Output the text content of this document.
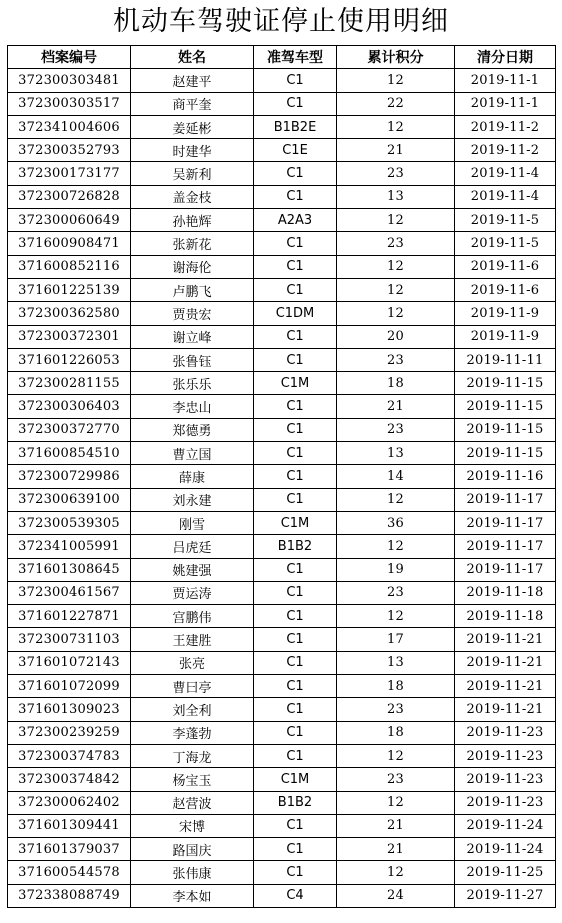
机动车驾驶证停止使用明细
档案编号	姓名	准驾车型	累计积分	清分日期
372300303481	赵建平	C1	12	2019-11-1
372300303517	商平奎	C1	22	2019-11-1
372341004606	姜延彬	B1B2E	12	2019-11-2
372300352793	时建华	C1E	21	2019-11-2
372300173177	吴新利	C1	23	2019-11-4
372300726828	盖金枝	C1	13	2019-11-4
372300060649	孙艳辉	A2A3	12	2019-11-5
371600908471	张新花	C1	23	2019-11-5
371600852116	谢海伦	C1	12	2019-11-6
371601225139	卢鹏飞	C1	12	2019-11-6
372300362580	贾贵宏	C1DM	12	2019-11-9
372300372301	谢立峰	C1	20	2019-11-9
371601226053	张鲁钰	C1	23	2019-11-11
372300281155	张乐乐	C1M	18	2019-11-15
372300306403	李忠山	C1	21	2019-11-15
372300372770	郑德勇	C1	23	2019-11-15
371600854510	曹立国	C1	13	2019-11-15
372300729986	薛康	C1	14	2019-11-16
372300639100	刘永建	C1	12	2019-11-17
372300539305	刚雪	C1M	36	2019-11-17
372341005991	吕虎廷	B1B2	12	2019-11-17
371601308645	姚建强	C1	19	2019-11-17
372300461567	贾运涛	C1	23	2019-11-18
371601227871	宫鹏伟	C1	12	2019-11-18
372300731103	王建胜	C1	17	2019-11-21
371601072143	张亮	C1	13	2019-11-21
371601072099	曹曰亭	C1	18	2019-11-21
371601309023	刘全利	C1	23	2019-11-21
372300239259	李蓬勃	C1	18	2019-11-23
372300374783	丁海龙	C1	12	2019-11-23
372300374842	杨宝玉	C1M	23	2019-11-23
372300062402	赵营波	B1B2	12	2019-11-23
371601309441	宋博	C1	21	2019-11-24
371601379037	路国庆	C1	21	2019-11-24
371600544578	张伟康	C1	12	2019-11-25
372338088749	李本如	C4	24	2019-11-27
